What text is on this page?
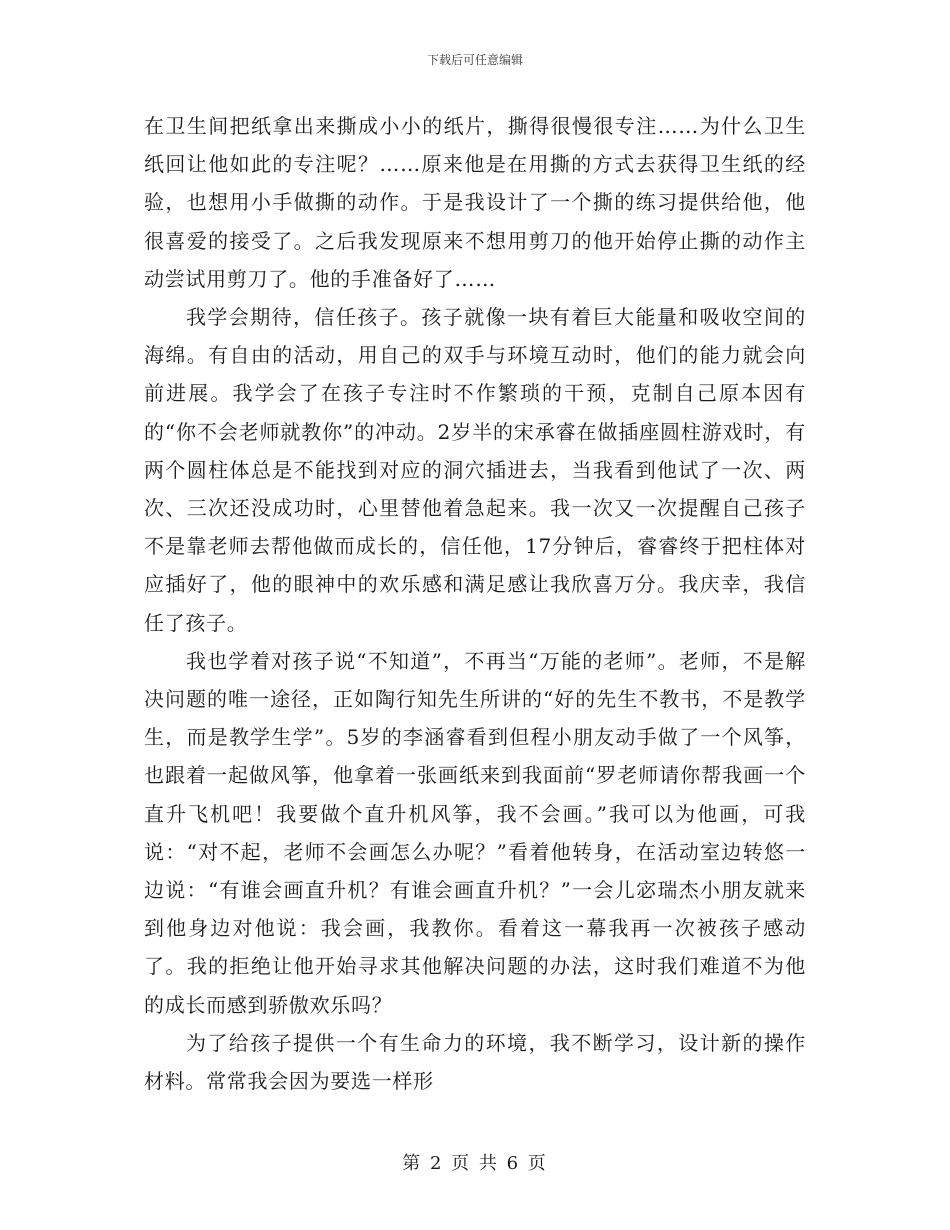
下载后可任意编辑

在卫生间把纸拿出来撕成小小的纸片，撕得很慢很专注……为什么卫生纸回让他如此的专注呢？……原来他是在用撕的方式去获得卫生纸的经验，也想用小手做撕的动作。于是我设计了一个撕的练习提供给他，他很喜爱的接受了。之后我发现原来不想用剪刀的他开始停止撕的动作主动尝试用剪刀了。他的手准备好了……

我学会期待，信任孩子。孩子就像一块有着巨大能量和吸收空间的海绵。有自由的活动，用自己的双手与环境互动时，他们的能力就会向前进展。我学会了在孩子专注时不作繁琐的干预，克制自己原本因有的“你不会老师就教你”的冲动。2岁半的宋承睿在做插座圆柱游戏时，有两个圆柱体总是不能找到对应的洞穴插进去，当我看到他试了一次、两次、三次还没成功时，心里替他着急起来。我一次又一次提醒自己孩子不是靠老师去帮他做而成长的，信任他，17分钟后，睿睿终于把柱体对应插好了，他的眼神中的欢乐感和满足感让我欣喜万分。我庆幸，我信任了孩子。

我也学着对孩子说“不知道”，不再当“万能的老师”。老师，不是解决问题的唯一途径，正如陶行知先生所讲的“好的先生不教书，不是教学生，而是教学生学”。5岁的李涵睿看到但程小朋友动手做了一个风筝，也跟着一起做风筝，他拿着一张画纸来到我面前“罗老师请你帮我画一个直升飞机吧！我要做个直升机风筝，我不会画。”我可以为他画，可我说：“对不起，老师不会画怎么办呢？”看着他转身，在活动室边转悠一边说：“有谁会画直升机？有谁会画直升机？”一会儿宓瑞杰小朋友就来到他身边对他说：我会画，我教你。看着这一幕我再一次被孩子感动了。我的拒绝让他开始寻求其他解决问题的办法，这时我们难道不为他的成长而感到骄傲欢乐吗？

为了给孩子提供一个有生命力的环境，我不断学习，设计新的操作材料。常常我会因为要选一样形

第 2 页 共 6 页
